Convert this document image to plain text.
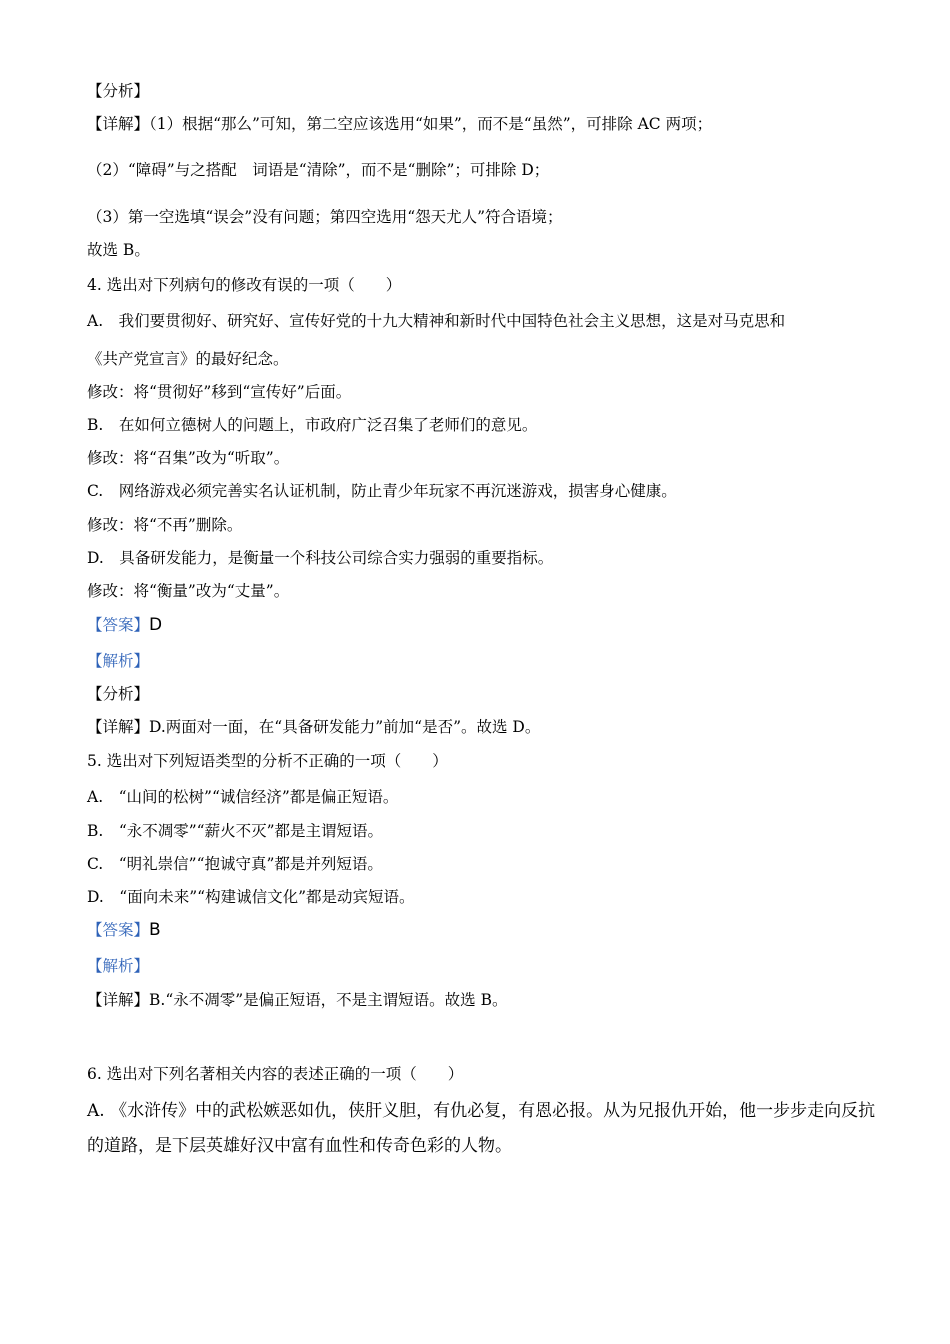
【分析】

【详解】（1）根据“那么”可知，第二空应该选用“如果”，而不是“虽然”，可排除 AC 两项；

（2）“障碍”与之搭配　词语是“清除”，而不是“删除”；可排除 D；

（3）第一空选填“误会”没有问题；第四空选用“怨天尤人”符合语境；

故选 B。

4. 选出对下列病句的修改有误的一项（　　）

A.　我们要贯彻好、研究好、宣传好党的十九大精神和新时代中国特色社会主义思想，这是对马克思和

《共产党宣言》的最好纪念。

修改：将“贯彻好”移到“宣传好”后面。

B.　在如何立德树人的问题上，市政府广泛召集了老师们的意见。

修改：将“召集”改为“听取”。

C.　网络游戏必须完善实名认证机制，防止青少年玩家不再沉迷游戏，损害身心健康。

修改：将“不再”删除。

D.　具备研发能力，是衡量一个科技公司综合实力强弱的重要指标。

修改：将“衡量”改为“丈量”。

【答案】D

【解析】

【分析】

【详解】D.两面对一面，在“具备研发能力”前加“是否”。故选 D。

5. 选出对下列短语类型的分析不正确的一项（　　）

A.　“山间的松树”“诚信经济”都是偏正短语。

B.　“永不凋零”“薪火不灭”都是主谓短语。

C.　“明礼崇信”“抱诚守真”都是并列短语。

D.　“面向未来”“构建诚信文化”都是动宾短语。

【答案】B

【解析】

【详解】B.“永不凋零”是偏正短语，不是主谓短语。故选 B。

6. 选出对下列名著相关内容的表述正确的一项（　　）

A. 《水浒传》中的武松嫉恶如仇，侠肝义胆，有仇必复，有恩必报。从为兄报仇开始，他一步步走向反抗

的道路，是下层英雄好汉中富有血性和传奇色彩的人物。
